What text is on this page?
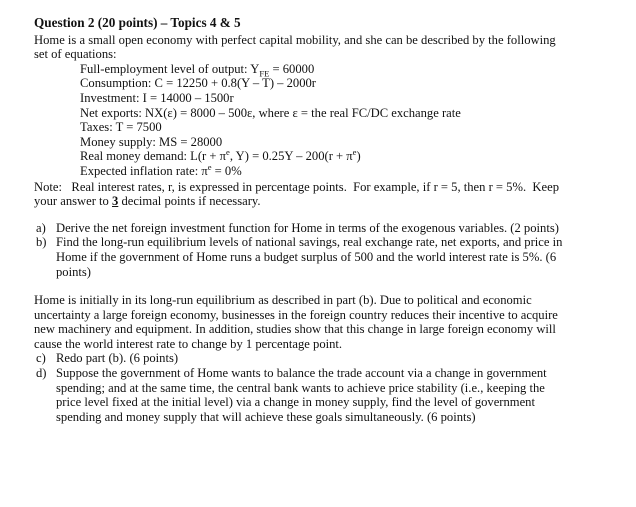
Question 2 (20 points) – Topics 4 & 5
Home is a small open economy with perfect capital mobility, and she can be described by the following
set of equations:
Full-employment level of output: $Y_{FE} = 60000$
Consumption: C = 12250 + 0.8(Y – T) – 2000r
Investment: I = 14000 – 1500r
Net exports: NX(ε) = 8000 – 500ε, where ε = the real FC/DC exchange rate
Taxes: T = 7500
Money supply: MS = 28000
Real money demand: $L(r + \pi^e$, $Y) = 0.25Y - 200(r + \pi^e)$
Expected inflation rate: $\pi^e = 0\%$
Note:   Real interest rates, r, is expressed in percentage points.  For example, if r = 5, then r = 5%.  Keep
your answer to 3 decimal points if necessary.
a) Derive the net foreign investment function for Home in terms of the exogenous variables. (2 points)
b) Find the long-run equilibrium levels of national savings, real exchange rate, net exports, and price in
Home if the government of Home runs a budget surplus of 500 and the world interest rate is 5%. (6
points)
Home is initially in its long-run equilibrium as described in part (b). Due to political and economic
uncertainty a large foreign economy, businesses in the foreign country reduces their incentive to acquire
new machinery and equipment. In addition, studies show that this change in large foreign economy will
cause the world interest rate to change by 1 percentage point.
c) Redo part (b). (6 points)
d) Suppose the government of Home wants to balance the trade account via a change in government
spending; and at the same time, the central bank wants to achieve price stability (i.e., keeping the
price level fixed at the initial level) via a change in money supply, find the level of government
spending and money supply that will achieve these goals simultaneously. (6 points)
